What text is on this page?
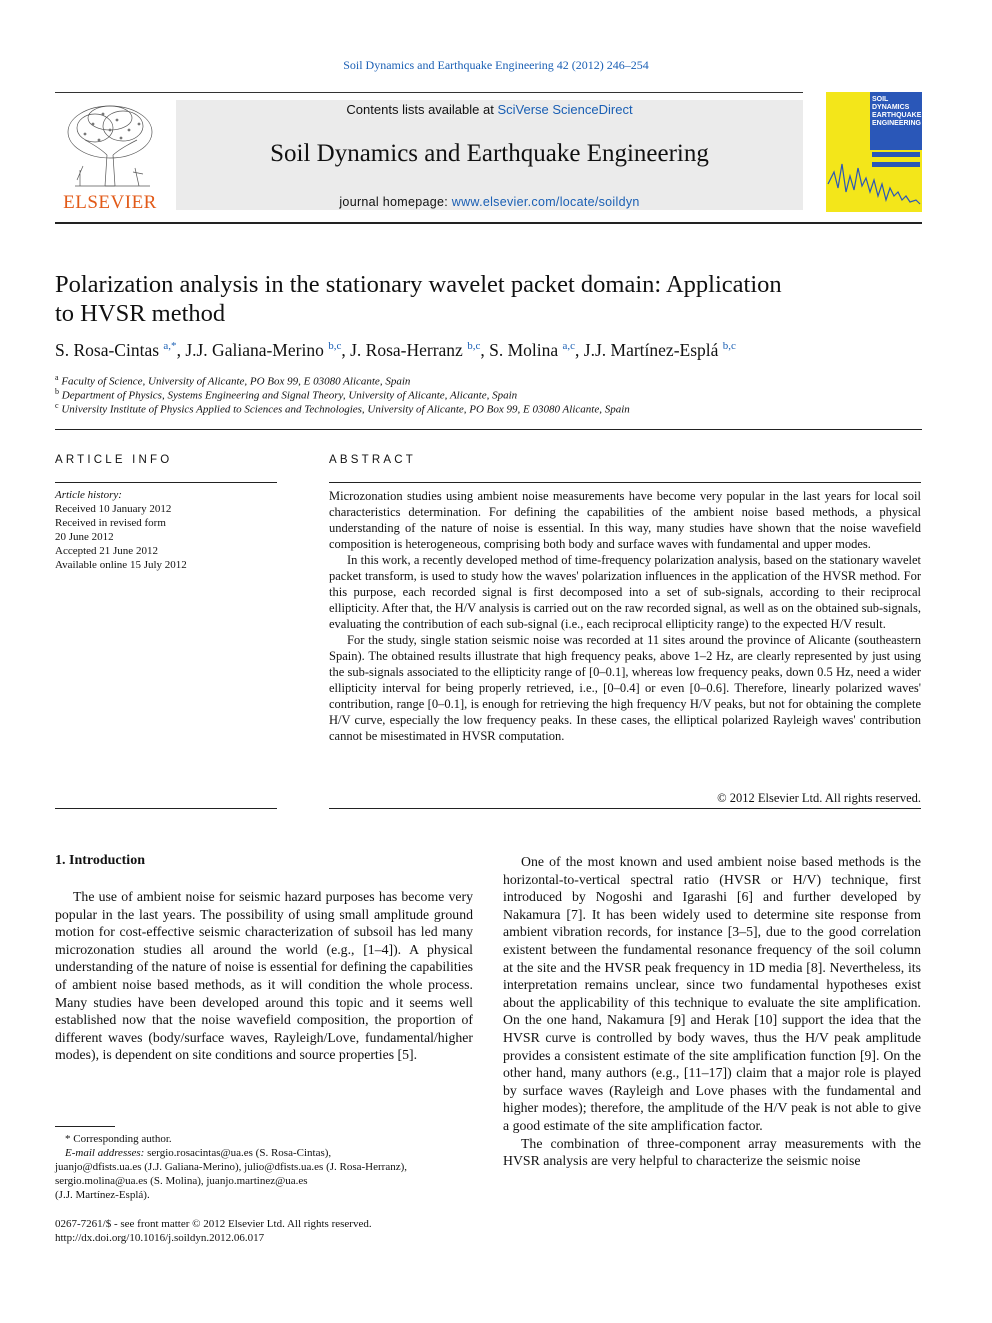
Soil Dynamics and Earthquake Engineering 42 (2012) 246–254
ELSEVIER
Contents lists available at SciVerse ScienceDirect
Soil Dynamics and Earthquake Engineering
journal homepage: www.elsevier.com/locate/soildyn
SOIL
DYNAMICS
EARTHQUAKE
ENGINEERING
Polarization analysis in the stationary wavelet packet domain: Application
to HVSR method
S. Rosa-Cintas $^{a,*}$, J.J. Galiana-Merino $^{b,c}$, J. Rosa-Herranz $^{b,c}$, S. Molina $^{a,c}$, J.J. Martínez-Esplá $^{b,c}$
$^a$ Faculty of Science, University of Alicante, PO Box 99, E 03080 Alicante, Spain
$^b$ Department of Physics, Systems Engineering and Signal Theory, University of Alicante, Alicante, Spain
$^c$ University Institute of Physics Applied to Sciences and Technologies, University of Alicante, PO Box 99, E 03080 Alicante, Spain
ARTICLE INFO
Article history:
Received 10 January 2012
Received in revised form
20 June 2012
Accepted 21 June 2012
Available online 15 July 2012
ABSTRACT

Microzonation studies using ambient noise measurements have become very popular in the last years for local soil characteristics determination. For defining the capabilities of the ambient noise based methods, a physical understanding of the nature of noise is essential. In this way, many studies have shown that the noise wavefield composition is heterogeneous, comprising both body and surface waves with fundamental and upper modes.

In this work, a recently developed method of time-frequency polarization analysis, based on the stationary wavelet packet transform, is used to study how the waves' polarization influences in the application of the HVSR method. For this purpose, each recorded signal is first decomposed into a set of sub-signals, according to their reciprocal ellipticity. After that, the H/V analysis is carried out on the raw recorded signal, as well as on the obtained sub-signals, evaluating the contribution of each sub-signal (i.e., each reciprocal ellipticity range) to the expected H/V result.

For the study, single station seismic noise was recorded at 11 sites around the province of Alicante (southeastern Spain). The obtained results illustrate that high frequency peaks, above 1–2 Hz, are clearly represented by just using the sub-signals associated to the ellipticity range of [0–0.1], whereas low frequency peaks, down 0.5 Hz, need a wider ellipticity interval for being properly retrieved, i.e., [0–0.4] or even [0–0.6]. Therefore, linearly polarized waves' contribution, range [0–0.1], is enough for retrieving the high frequency H/V peaks, but not for obtaining the complete H/V curve, especially the low frequency peaks. In these cases, the elliptical polarized Rayleigh waves' contribution cannot be misestimated in HVSR computation.

© 2012 Elsevier Ltd. All rights reserved.
1. Introduction

The use of ambient noise for seismic hazard purposes has become very popular in the last years. The possibility of using small amplitude ground motion for cost-effective seismic characterization of subsoil has led many microzonation studies all around the world (e.g., [1–4]). A physical understanding of the nature of noise is essential for defining the capabilities of ambient noise based methods, as it will condition the whole process. Many studies have been developed around this topic and it seems well established now that the noise wavefield composition, the proportion of different waves (body/surface waves, Rayleigh/Love, fundamental/higher modes), is dependent on site conditions and source properties [5].

One of the most known and used ambient noise based methods is the horizontal-to-vertical spectral ratio (HVSR or H/V) technique, first introduced by Nogoshi and Igarashi [6] and further developed by Nakamura [7]. It has been widely used to determine site response from ambient vibration records, for instance [3–5], due to the good correlation existent between the fundamental resonance frequency of the soil column at the site and the HVSR peak frequency in 1D media [8]. Nevertheless, its interpretation remains unclear, since two fundamental hypotheses exist about the applicability of this technique to evaluate the site amplification. On the one hand, Nakamura [9] and Herak [10] support the idea that the HVSR curve is controlled by body waves, thus the H/V peak amplitude provides a consistent estimate of the site amplification function [9]. On the other hand, many authors (e.g., [11–17]) claim that a major role is played by surface waves (Rayleigh and Love phases with the fundamental and higher modes); therefore, the amplitude of the H/V peak is not able to give a good estimate of the site amplification factor.

The combination of three-component array measurements with the HVSR analysis are very helpful to characterize the seismic noise

* Corresponding author.
E-mail addresses: sergio.rosacintas@ua.es (S. Rosa-Cintas),
juanjo@dfists.ua.es (J.J. Galiana-Merino), julio@dfists.ua.es (J. Rosa-Herranz),
sergio.molina@ua.es (S. Molina), juanjo.martinez@ua.es
(J.J. Martínez-Esplá).
0267-7261/$ - see front matter © 2012 Elsevier Ltd. All rights reserved.
http://dx.doi.org/10.1016/j.soildyn.2012.06.017
